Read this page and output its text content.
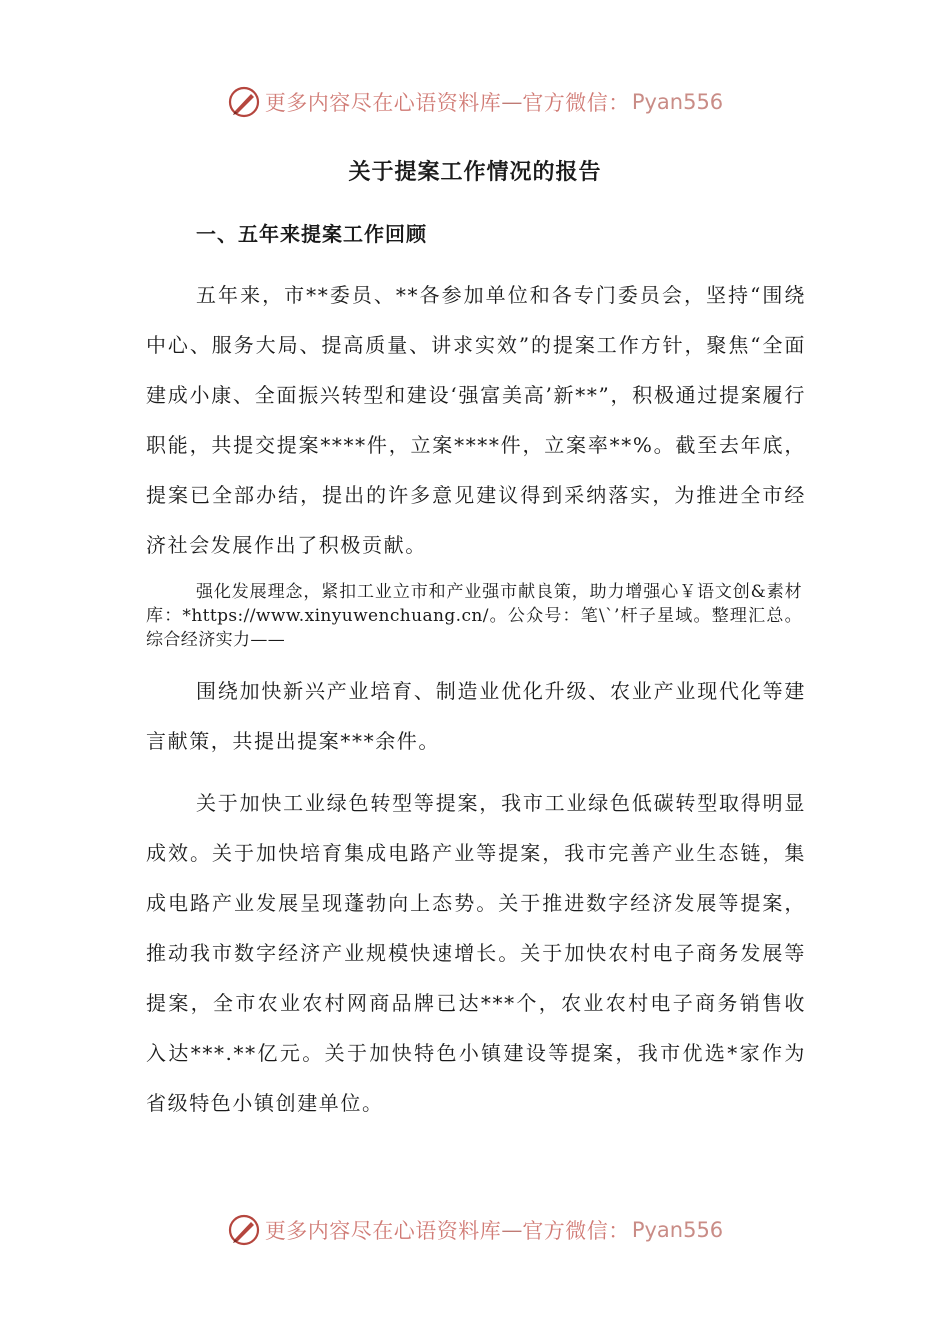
更多内容尽在心语资料库 — 官方微信： Pyan556
关于提案工作情况的报告
一、五年来提案工作回顾

五年来，市**委员、**各参加单位和各专门委员会，坚持“围绕中心、服务大局、提高质量、讲求实效”的提案工作方针，聚焦“全面建成小康、全面振兴转型和建设‘强富美高’新**”，积极通过提案履行职能，共提交提案****件，立案****件，立案率**%。截至去年底，提案已全部办结，提出的许多意见建议得到采纳落实，为推进全市经济社会发展作出了积极贡献。

强化发展理念，紧扣工业立市和产业强市献良策，助力增强心￥语文创&素材库：*https://www.xinyuwenchuang.cn/。公众号：笔\`’杆子星域。整理汇总。综合经济实力——

围绕加快新兴产业培育、制造业优化升级、农业产业现代化等建言献策，共提出提案***余件。

关于加快工业绿色转型等提案，我市工业绿色低碳转型取得明显成效。关于加快培育集成电路产业等提案，我市完善产业生态链，集成电路产业发展呈现蓬勃向上态势。关于推进数字经济发展等提案，推动我市数字经济产业规模快速增长。关于加快农村电子商务发展等提案，全市农业农村网商品牌已达***个，农业农村电子商务销售收入达***.**亿元。关于加快特色小镇建设等提案，我市优选*家作为省级特色小镇创建单位。

更多内容尽在心语资料库 — 官方微信： Pyan556
